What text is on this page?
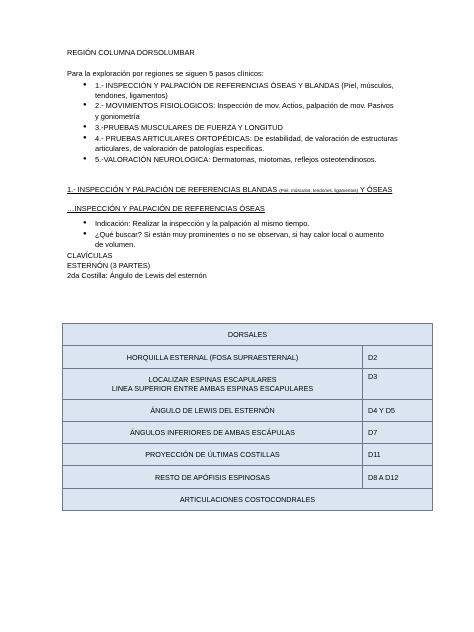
REGIÓN COLUMNA DORSOLUMBAR
Para la exploración por regiones se siguen 5 pasos clínicos:
● 1.- INSPECCIÓN Y PALPACIÓN DE REFERENCIAS ÓSEAS Y BLANDAS (Piel, músculos,
tendones, ligamentos)
● 2.- MOVIMIENTOS FISIOLOGICOS: Inspección de mov. Actios, palpación de mov. Pasivos
y goniometría
● 3.-PRUEBAS MUSCULARES DE FUERZA Y LONGITUD
● 4.- PRUEBAS ARTICULARES ORTOPÉDICAS: De estabilidad, de valoración de estructuras
articulares, de valoración de patologías especificas.
● 5.-VALORACIÓN NEUROLOGICA: Dermatomas, miotomas, reflejos osteotendinosos.
1.- INSPECCIÓN Y PALPACIÓN DE REFERENCIAS BLANDAS (Piel, músculos, tendones, ligamentos) Y ÓSEAS
…INSPECCIÓN Y PALPACIÓN DE REFERENCIAS ÓSEAS
● Indicación: Realizar la inspección y la palpación al mismo tiempo.
● ¿Qué buscar? Si están muy prominentes o no se observan, si hay calor local o aumento
de volumen.
CLAVÍCULAS
ESTERNÓN (3 PARTES)
2da Costilla: Ángulo de Lewis del esternón
DORSALES	
HORQUILLA ESTERNAL (FOSA SUPRAESTERNAL)	D2

LOCALIZAR ESPINAS ESCAPULARES
LINEA SUPERIOR ENTRE AMBAS ESPINAS ESCAPULARES	D3
ÁNGULO DE LEWIS DEL ESTERNÓN	D4 Y D5
ÁNGULOS INFERIORES DE AMBAS ESCÁPULAS	D7
PROYECCIÓN DE ÚLTIMAS COSTILLAS	D11
RESTO DE APÓFISIS ESPINOSAS	D8 A D12
ARTICULACIONES COSTOCONDRALES	
